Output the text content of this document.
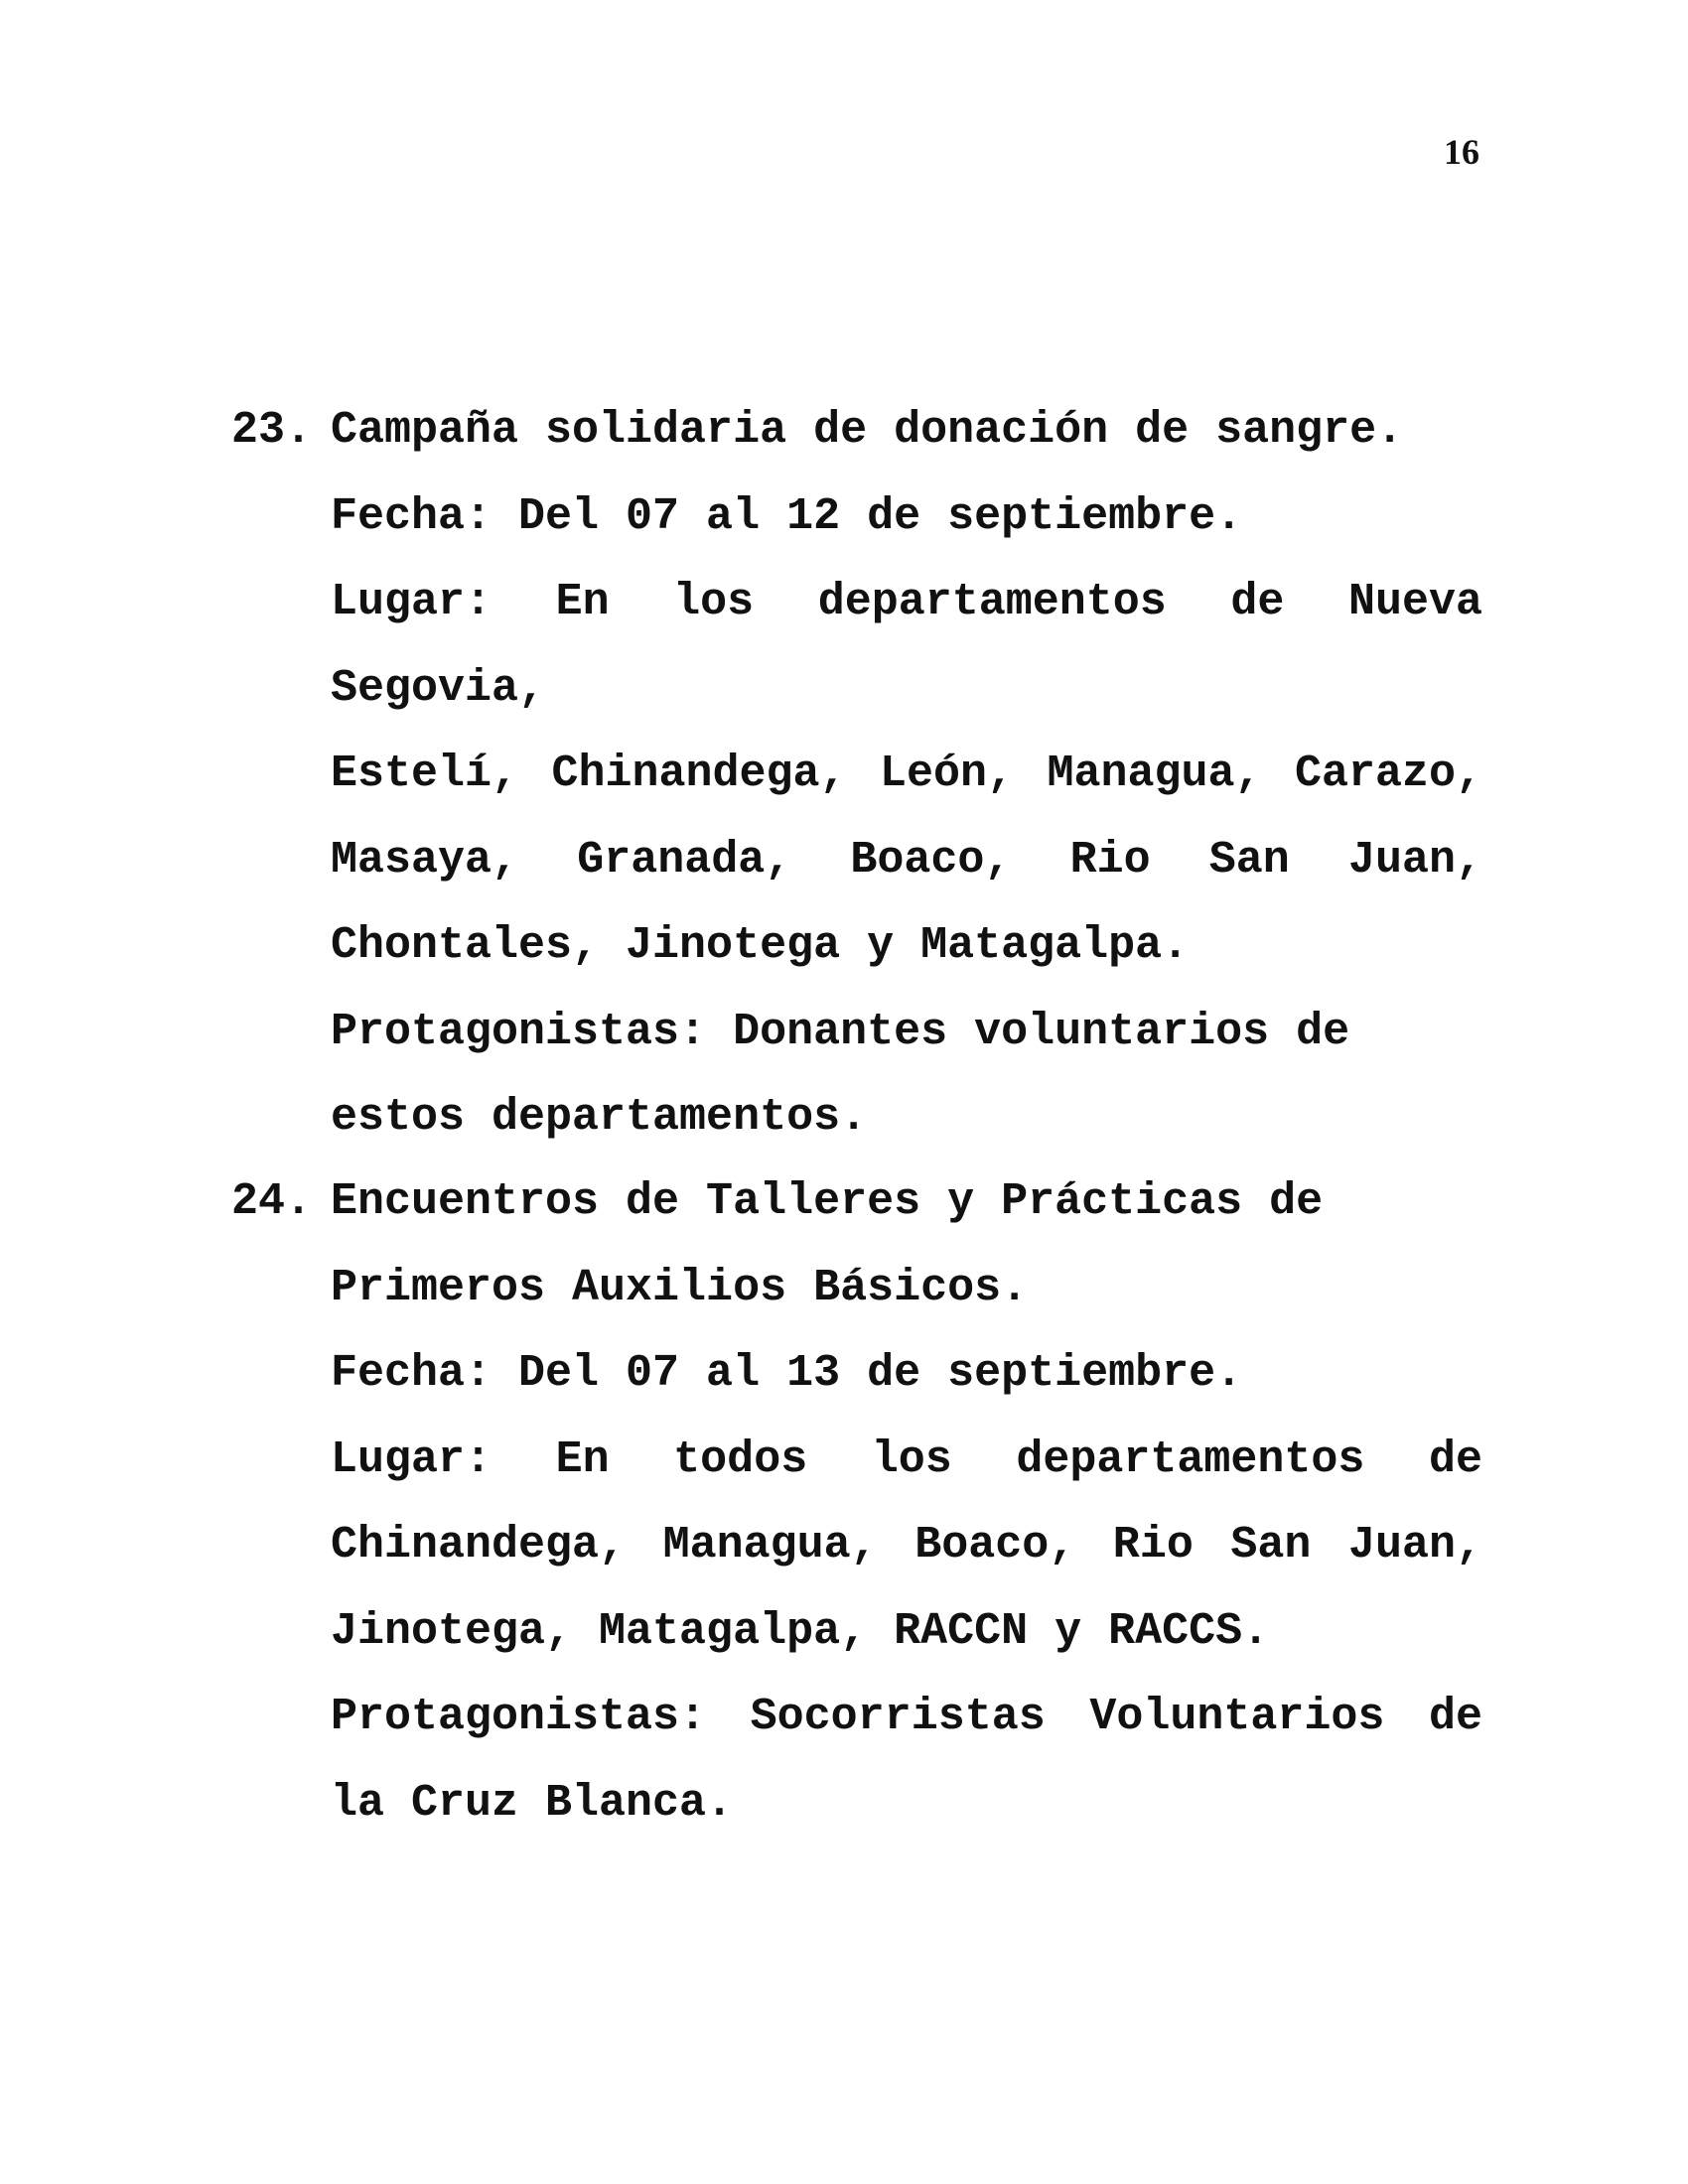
16
23. Campaña solidaria de donación de sangre.
Fecha: Del 07 al 12 de septiembre.
Lugar: En los departamentos de Nueva Segovia,
Estelí, Chinandega, León, Managua, Carazo,
Masaya, Granada, Boaco, Rio San Juan,
Chontales, Jinotega y Matagalpa.
Protagonistas: Donantes voluntarios de
estos departamentos.
24. Encuentros de Talleres y Prácticas de
Primeros Auxilios Básicos.
Fecha: Del 07 al 13 de septiembre.
Lugar: En todos los departamentos de
Chinandega, Managua, Boaco, Rio San Juan,
Jinotega, Matagalpa, RACCN y RACCS.
Protagonistas: Socorristas Voluntarios de
la Cruz Blanca.
